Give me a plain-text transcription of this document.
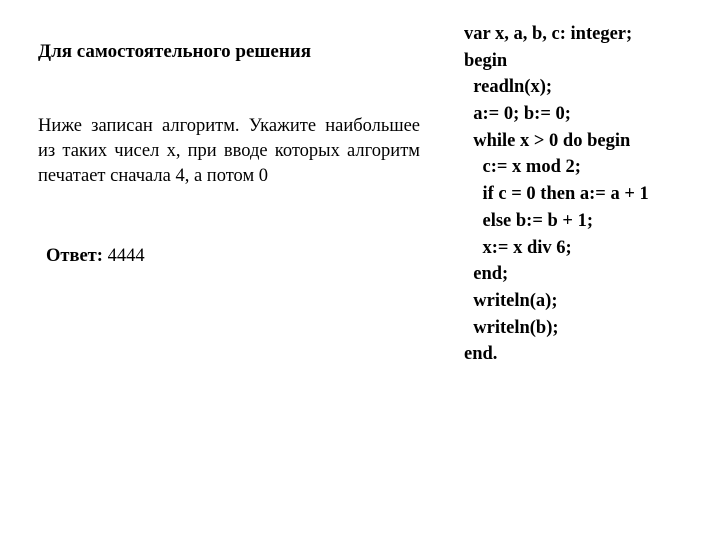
Для самостоятельного решения
Ниже записан алгоритм. Укажите наибольшее из таких чисел x, при вводе которых алгоритм печатает сначала 4, а потом 0
Ответ: 4444
var x, a, b, c: integer;
begin
readln(x);
a:= 0; b:= 0;
while x > 0 do begin
c:= x mod 2;
if c = 0 then a:= a + 1
else b:= b + 1;
x:= x div 6;
end;
writeln(a);
writeln(b);
end.
